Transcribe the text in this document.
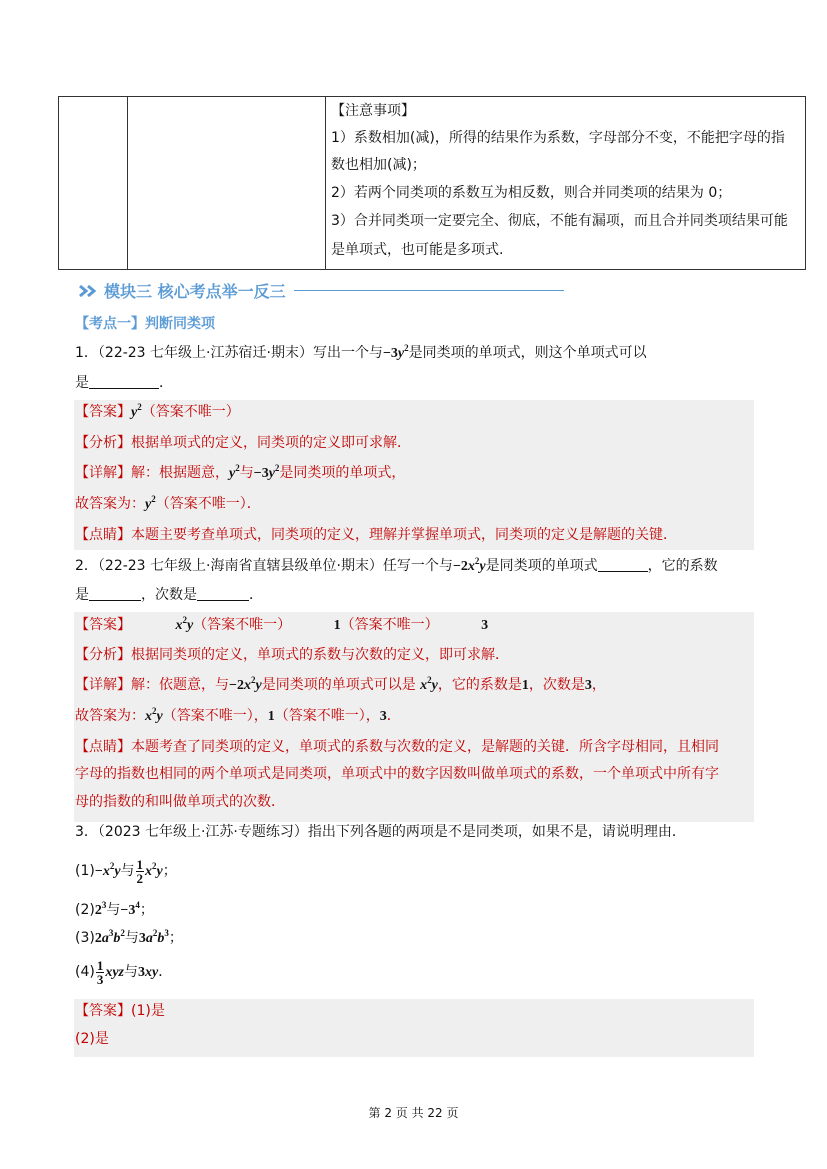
【注意事项】
1）系数相加(减)，所得的结果作为系数，字母部分不变，不能把字母的指
数也相加(减)；
2）若两个同类项的系数互为相反数，则合并同类项的结果为 0；
3）合并同类项一定要完全、彻底，不能有漏项，而且合并同类项结果可能
是单项式，也可能是多项式.
模块三 核心考点举一反三
【考点一】判断同类项
1．（22-23 七年级上·江苏宿迁·期末）写出一个与$-3y^2$是同类项的单项式，则这个单项式可以
是	．
【答案】$y^2$（答案不唯一）
【分析】根据单项式的定义，同类项的定义即可求解．
【详解】解：根据题意，$y^2$与$-3y^2$是同类项的单项式，
故答案为：$y^2$（答案不唯一）．
【点睛】本题主要考查单项式，同类项的定义，理解并掌握单项式，同类项的定义是解题的关键．
2．（22-23 七年级上·海南省直辖县级单位·期末）任写一个与$-2x^2y$是同类项的单项式	，它的系数
是	，次数是	．
【答案】	$x^2y$（答案不唯一）	1（答案不唯一）	3
【分析】根据同类项的定义，单项式的系数与次数的定义，即可求解．
【详解】解：依题意，与$-2x^2y$是同类项的单项式可以是 $x^2y$，它的系数是1，次数是3，
故答案为：$x^2y$（答案不唯一），1（答案不唯一），3．
【点睛】本题考查了同类项的定义，单项式的系数与次数的定义，是解题的关键．所含字母相同，且相同
字母的指数也相同的两个单项式是同类项，单项式中的数字因数叫做单项式的系数，一个单项式中所有字
母的指数的和叫做单项式的次数．
3．（2023 七年级上·江苏·专题练习）指出下列各题的两项是不是同类项，如果不是，请说明理由．
$(1)-x^2y$与 $\frac{1}{2} x^2y$；
$(2)2^3$与$-3^4$；
$(3)2a^3b^2$与$3a^2b^3$；
$(4) \frac{1}{3}$ xyz与3xy．
【答案】(1)是
(2)是
第 2 页 共 22 页
